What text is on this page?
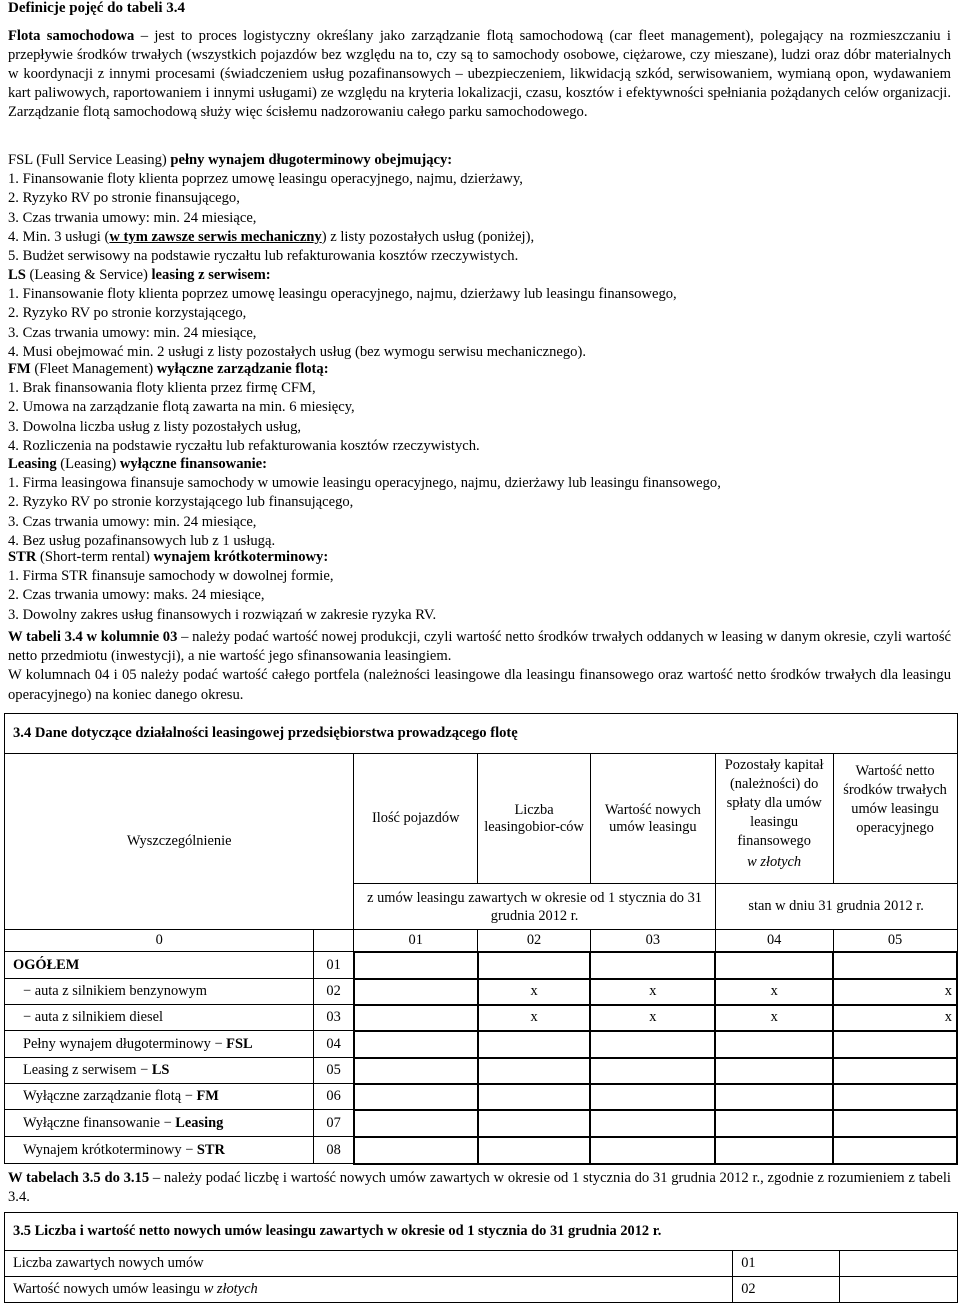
Definicje pojęć do tabeli 3.4

Flota samochodowa – jest to proces logistyczny określany jako zarządzanie flotą samochodową (car fleet management), polegający na rozmieszczaniu i przepływie środków trwałych (wszystkich pojazdów bez względu na to, czy są to samochody osobowe, ciężarowe, czy mieszane), ludzi oraz dóbr materialnych w koordynacji z innymi procesami (świadczeniem usług pozafinansowych – ubezpieczeniem, likwidacją szkód, serwisowaniem, wymianą opon, wydawaniem kart paliwowych, raportowaniem i innymi usługami) ze względu na kryteria lokalizacji, czasu, kosztów i efektywności spełniania pożądanych celów organizacji. Zarządzanie flotą samochodową służy więc ścisłemu nadzorowaniu całego parku samochodowego.

FSL (Full Service Leasing) pełny wynajem długoterminowy obejmujący:
1. Finansowanie floty klienta poprzez umowę leasingu operacyjnego, najmu, dzierżawy,
2. Ryzyko RV po stronie finansującego,
3. Czas trwania umowy: min. 24 miesiące,
4. Min. 3 usługi (w tym zawsze serwis mechaniczny) z listy pozostałych usług (poniżej),
5. Budżet serwisowy na podstawie ryczałtu lub refakturowania kosztów rzeczywistych.
LS (Leasing & Service) leasing z serwisem:
1. Finansowanie floty klienta poprzez umowę leasingu operacyjnego, najmu, dzierżawy lub leasingu finansowego,
2. Ryzyko RV po stronie korzystającego,
3. Czas trwania umowy: min. 24 miesiące,
4. Musi obejmować min. 2 usługi z listy pozostałych usług (bez wymogu serwisu mechanicznego).
FM (Fleet Management) wyłączne zarządzanie flotą:
1. Brak finansowania floty klienta przez firmę CFM,
2. Umowa na zarządzanie flotą zawarta na min. 6 miesięcy,
3. Dowolna liczba usług z listy pozostałych usług,
4. Rozliczenia na podstawie ryczałtu lub refakturowania kosztów rzeczywistych.
Leasing (Leasing) wyłączne finansowanie:
1. Firma leasingowa finansuje samochody w umowie leasingu operacyjnego, najmu, dzierżawy lub leasingu finansowego,
2. Ryzyko RV po stronie korzystającego lub finansującego,
3. Czas trwania umowy: min. 24 miesiące,
4. Bez usług pozafinansowych lub z 1 usługą.
STR (Short-term rental) wynajem krótkoterminowy:
1. Firma STR finansuje samochody w dowolnej formie,
2. Czas trwania umowy: maks. 24 miesiące,
3. Dowolny zakres usług finansowych i rozwiązań w zakresie ryzyka RV.

W tabeli 3.4 w kolumnie 03 – należy podać wartość nowej produkcji, czyli wartość netto środków trwałych oddanych w leasing w danym okresie, czyli wartość netto przedmiotu (inwestycji), a nie wartość jego sfinansowania leasingiem.

W kolumnach 04 i 05 należy podać wartość całego portfela (należności leasingowe dla leasingu finansowego oraz wartość netto środków trwałych dla leasingu operacyjnego) na koniec danego okresu.

3.4 Dane dotyczące działalności leasingowej przedsiębiorstwa prowadzącego flotę						
Wyszczególnienie		Ilość pojazdów	Liczba leasingobior-ców	Wartość nowych umów leasingu	Pozostały kapitał (należności) do spłaty dla umów leasingu finansowego
w złotych	Wartość netto środków trwałych umów leasingu operacyjnego
		z umów leasingu zawartych w okresie od 1 stycznia do 31 grudnia 2012 r.			stan w dniu 31 grudnia 2012 r.	
0		01	02	03	04	05
OGÓŁEM	01					
− auta z silnikiem benzynowym	02		x	x	x	x
− auta z silnikiem diesel	03		x	x	x	x
Pełny wynajem długoterminowy − FSL	04					
Leasing z serwisem − LS	05					
Wyłączne zarządzanie flotą − FM	06					
Wyłączne finansowanie − Leasing	07					
Wynajem krótkoterminowy − STR	08					

W tabelach 3.5 do 3.15 – należy podać liczbę i wartość nowych umów zawartych w okresie od 1 stycznia do 31 grudnia 2012 r., zgodnie z rozumieniem z tabeli 3.4.

3.5 Liczba i wartość netto nowych umów leasingu zawartych w okresie od 1 stycznia do 31 grudnia 2012 r.		
Liczba zawartych nowych umów	01	
Wartość nowych umów leasingu w złotych	02	
